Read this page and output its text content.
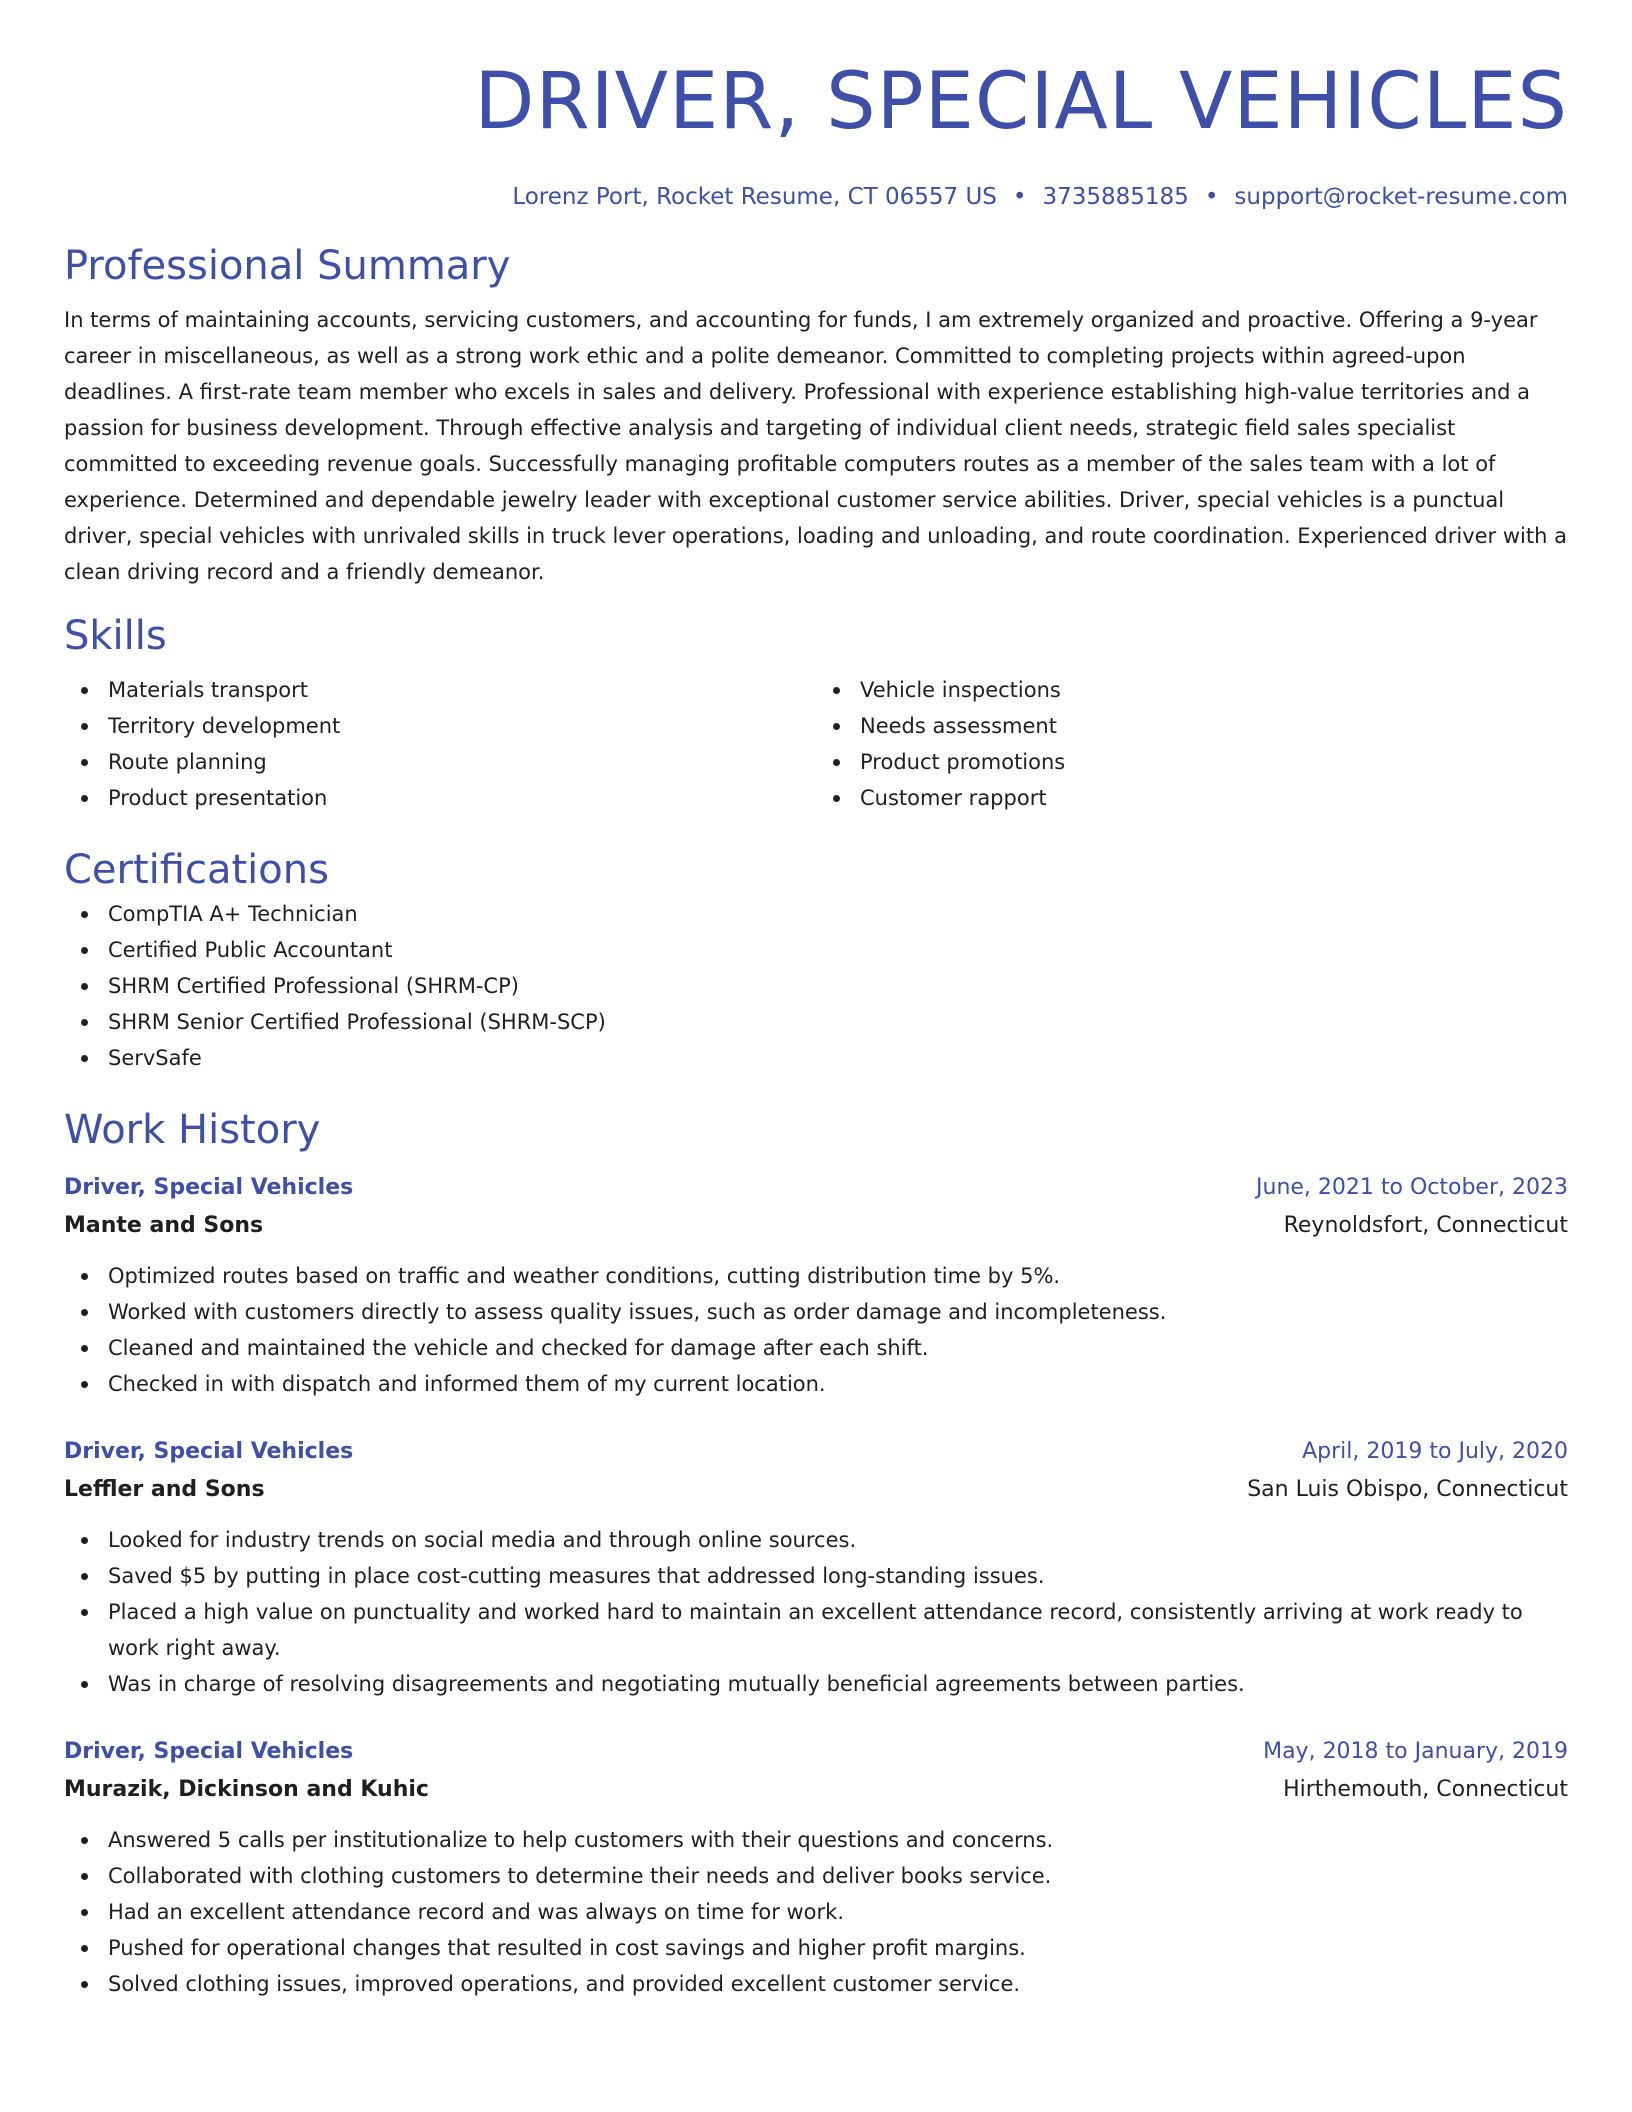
DRIVER, SPECIAL VEHICLES
Lorenz Port, Rocket Resume, CT 06557 US • 3735885185 • support@rocket-resume.com
Professional Summary

In terms of maintaining accounts, servicing customers, and accounting for funds, I am extremely organized and proactive. Offering a 9-year career in miscellaneous, as well as a strong work ethic and a polite demeanor. Committed to completing projects within agreed-upon deadlines. A first-rate team member who excels in sales and delivery. Professional with experience establishing high-value territories and a passion for business development. Through effective analysis and targeting of individual client needs, strategic field sales specialist committed to exceeding revenue goals. Successfully managing profitable computers routes as a member of the sales team with a lot of experience. Determined and dependable jewelry leader with exceptional customer service abilities. Driver, special vehicles is a punctual driver, special vehicles with unrivaled skills in truck lever operations, loading and unloading, and route coordination. Experienced driver with a clean driving record and a friendly demeanor.

Skills
Materials transport
Territory development
Route planning
Product presentation
Vehicle inspections
Needs assessment
Product promotions
Customer rapport
Certifications
CompTIA A+ Technician
Certified Public Accountant
SHRM Certified Professional (SHRM-CP)
SHRM Senior Certified Professional (SHRM-SCP)
ServSafe
Work History
Driver, Special Vehicles	June, 2021 to October, 2023
Mante and Sons	Reynoldsfort, Connecticut
Optimized routes based on traffic and weather conditions, cutting distribution time by 5%.
Worked with customers directly to assess quality issues, such as order damage and incompleteness.
Cleaned and maintained the vehicle and checked for damage after each shift.
Checked in with dispatch and informed them of my current location.
Driver, Special Vehicles	April, 2019 to July, 2020
Leffler and Sons	San Luis Obispo, Connecticut
Looked for industry trends on social media and through online sources.
Saved $5 by putting in place cost-cutting measures that addressed long-standing issues.
Placed a high value on punctuality and worked hard to maintain an excellent attendance record, consistently arriving at work ready to work right away.
Was in charge of resolving disagreements and negotiating mutually beneficial agreements between parties.
Driver, Special Vehicles	May, 2018 to January, 2019
Murazik, Dickinson and Kuhic	Hirthemouth, Connecticut
Answered 5 calls per institutionalize to help customers with their questions and concerns.
Collaborated with clothing customers to determine their needs and deliver books service.
Had an excellent attendance record and was always on time for work.
Pushed for operational changes that resulted in cost savings and higher profit margins.
Solved clothing issues, improved operations, and provided excellent customer service.
